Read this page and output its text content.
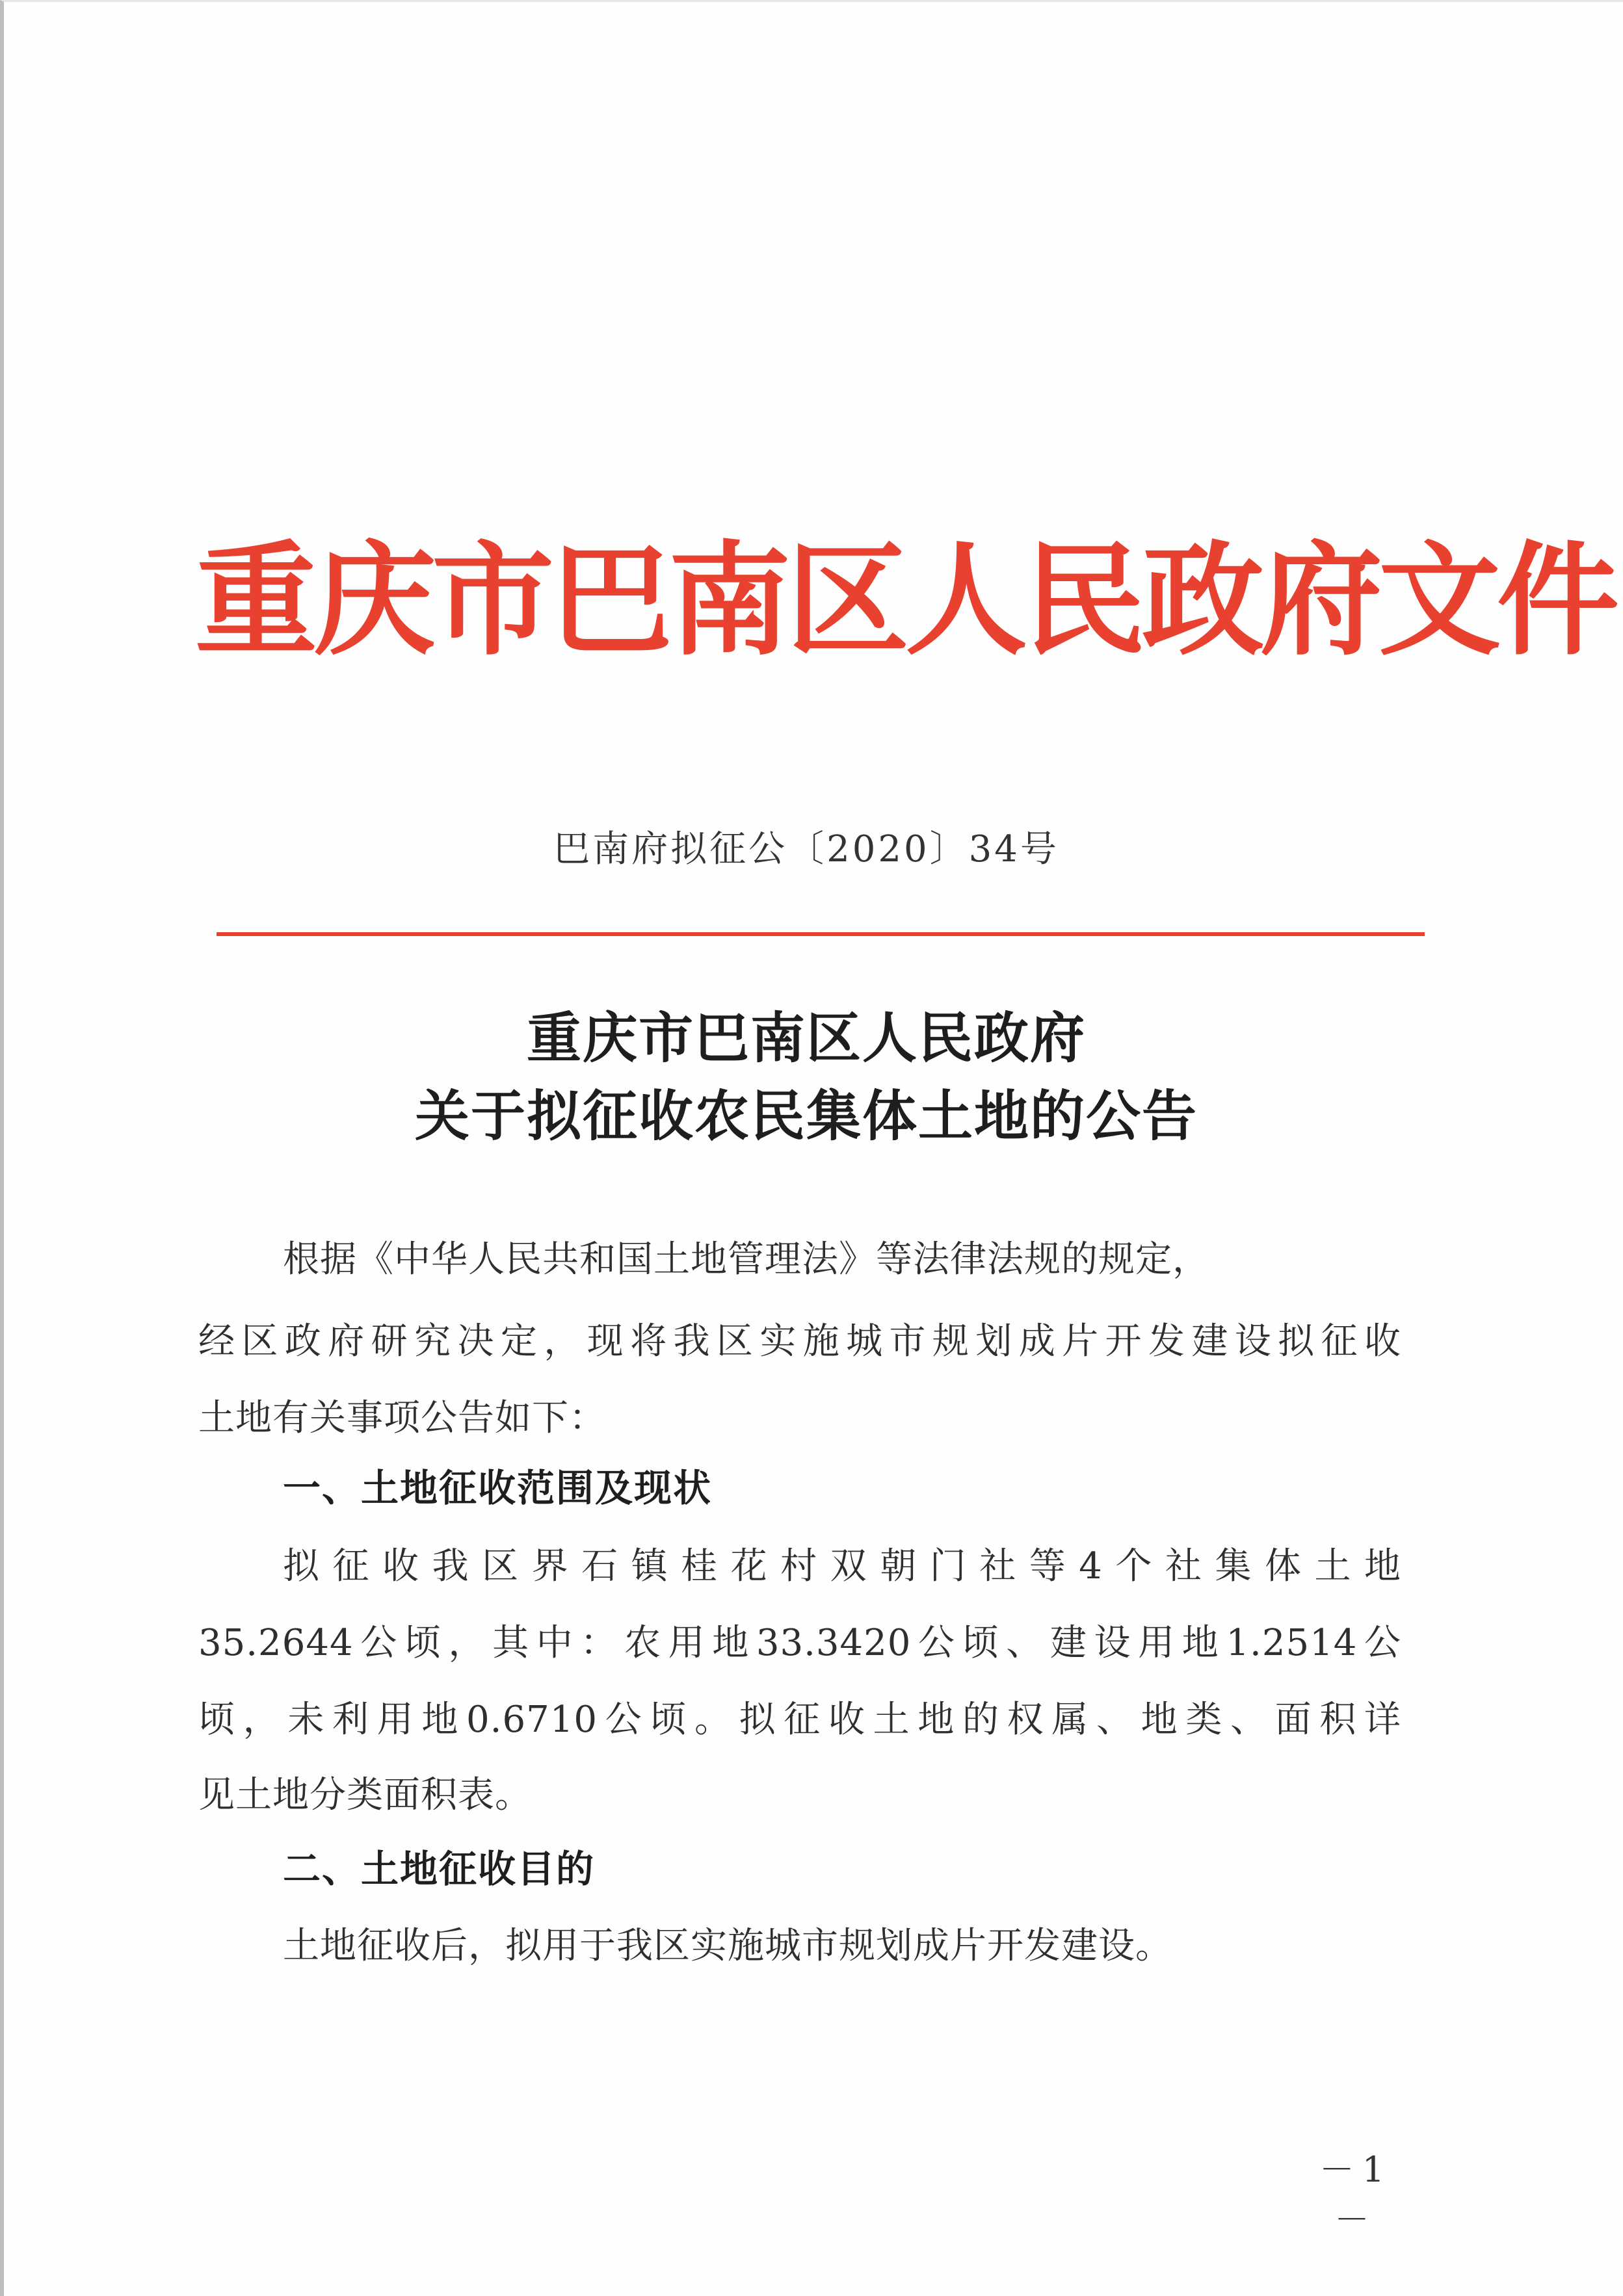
重庆市巴南区人民政府文件
巴南府拟征公〔2020〕34号
重庆市巴南区人民政府
关于拟征收农民集体土地的公告
根据《中华人民共和国土地管理法》等法律法规的规定，
经区政府研究决定，现将我区实施城市规划成片开发建设拟征收
土地有关事项公告如下：
一、土地征收范围及现状
拟征收我区界石镇桂花村双朝门社等4个社集体土地
35.2644公顷，其中：农用地33.3420公顷、建设用地1.2514公
顷，未利用地0.6710公顷。拟征收土地的权属、地类、面积详
见土地分类面积表。
二、土地征收目的
土地征收后，拟用于我区实施城市规划成片开发建设。
－1－
